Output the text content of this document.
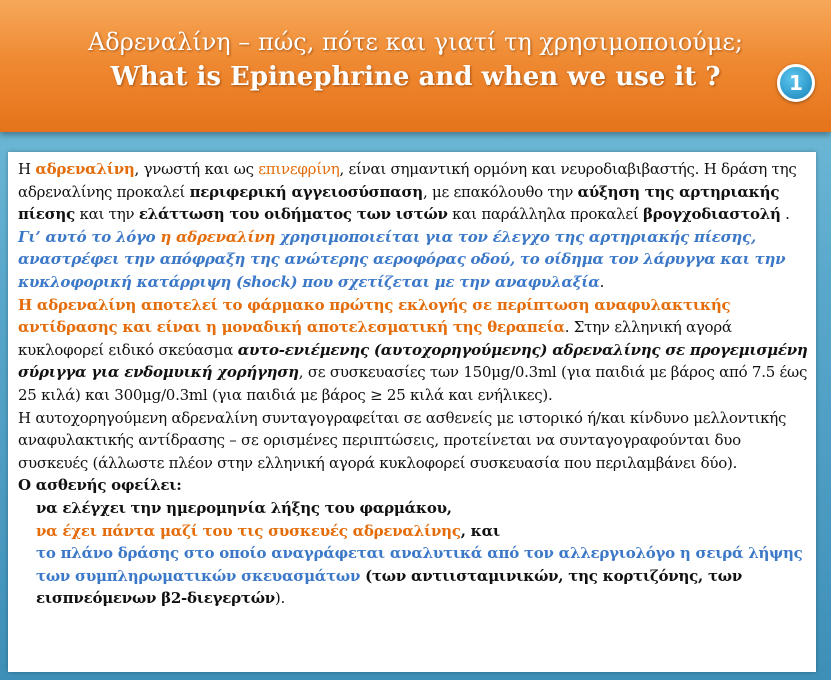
Αδρεναλίνη – πώς, πότε και γιατί τη χρησιμοποιούμε;
What is Epinephrine and when we use it ?	1

Η αδρεναλίνη, γνωστή και ως επινεφρίνη, είναι σημαντική ορμόνη και νευροδιαβιβαστής. Η δράση της αδρεναλίνης προκαλεί περιφερική αγγειοσύσπαση, με επακόλουθο την αύξηση της αρτηριακής πίεσης και την ελάττωση του οιδήματος των ιστών και παράλληλα προκαλεί βρογχοδιαστολή . Γι’ αυτό το λόγο η αδρεναλίνη χρησιμοποιείται για τον έλεγχο της αρτηριακής πίεσης, αναστρέφει την απόφραξη της ανώτερης αεροφόρας οδού, το οίδημα τον λάρυγγα και την κυκλοφορική κατάρριψη (shock) που σχετίζεται με την αναφυλαξία.

Η αδρεναλίνη αποτελεί το φάρμακο πρώτης εκλογής σε περίπτωση αναφυλακτικής αντίδρασης και είναι η μοναδική αποτελεσματική της θεραπεία. Στην ελληνική αγορά κυκλοφορεί ειδικό σκεύασμα αυτο-ενιέμενης (αυτοχορηγούμενης) αδρεναλίνης σε προγεμισμένη σύριγγα για ενδομυική χορήγηση, σε συσκευασίες των 150μg/0.3ml (για παιδιά με βάρος από 7.5 έως 25 κιλά) και 300μg/0.3ml (για παιδιά με βάρος ≥ 25 κιλά και ενήλικες).

Η αυτοχορηγούμενη αδρεναλίνη συνταγογραφείται σε ασθενείς με ιστορικό ή/και κίνδυνο μελλοντικής αναφυλακτικής αντίδρασης – σε ορισμένες περιπτώσεις, προτείνεται να συνταγογραφούνται δυο συσκευές (άλλωστε πλέον στην ελληνική αγορά κυκλοφορεί συσκευασία που περιλαμβάνει δύο).

Ο ασθενής οφείλει:

να ελέγχει την ημερομηνία λήξης του φαρμάκου,

να έχει πάντα μαζί του τις συσκευές αδρεναλίνης, και

το πλάνο δράσης στο οποίο αναγράφεται αναλυτικά από τον αλλεργιολόγο η σειρά λήψης των συμπληρωματικών σκευασμάτων (των αντιισταμινικών, της κορτιζόνης, των εισπνεόμενων β2-διεγερτών).
